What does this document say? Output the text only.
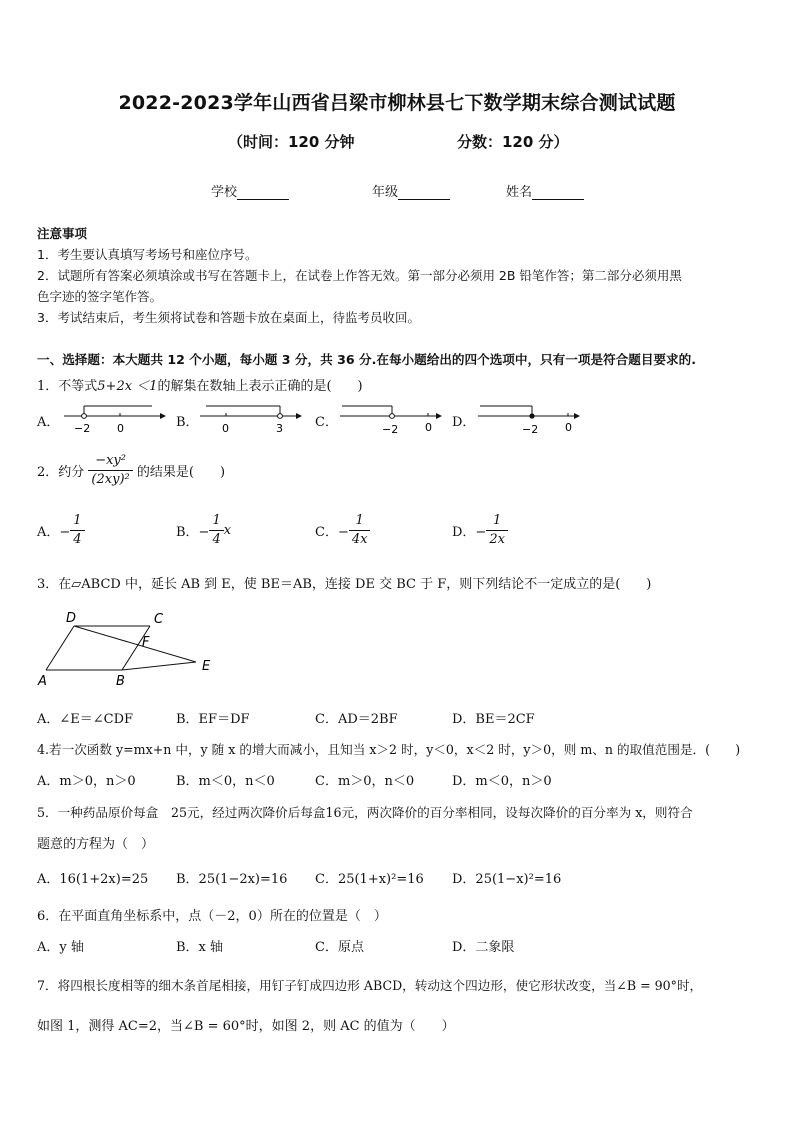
2022-2023学年山西省吕梁市柳林县七下数学期末综合测试试题
（时间：120 分钟	分数：120 分）
学校	年级	姓名
注意事项
1．考生要认真填写考场号和座位序号。
2．试题所有答案必须填涂或书写在答题卡上，在试卷上作答无效。第一部分必须用 2B 铅笔作答；第二部分必须用黑
色字迹的签字笔作答。
3．考试结束后，考生须将试卷和答题卡放在桌面上，待监考员收回。
一、选择题：本大题共 12 个小题，每小题 3 分，共 36 分.在每小题给出的四个选项中，只有一项是符合题目要求的.
1．不等式5+2x ＜1的解集在数轴上表示正确的是(　　)
A． −2 0	B． 0	3 C．	−2 0 D．	−2 0
2．约分 $\frac{\text{−xy²}}{\text{(2xy)²}}$ 的结果是(　　)
A．− $\frac{1}{4}$	B．− $\frac{1}{4}$ x	C．− $\frac{1}{4x}$	D．− $\frac{1}{2x}$
3．在▱ABCD 中，延长 AB 到 E，使 BE＝AB，连接 DE 交 BC 于 F，则下列结论不一定成立的是(　　)
D	C
F
E
A	B
A．∠E＝∠CDF	B．EF＝DF	C．AD＝2BF	D．BE＝2CF
4.若一次函数 y=mx+n 中，y 随 x 的增大而减小，且知当 x＞2 时，y＜0，x＜2 时，y＞0，则 m、n 的取值范围是．(　　)
A．m＞0，n＞0	B．m＜0，n＜0	C．m＞0，n＜0	D．m＜0，n＞0
5．一种药品原价每盒　25元，经过两次降价后每盒16元，两次降价的百分率相同，设每次降价的百分率为 x，则符合
题意的方程为（　）
A．16(1+2x)=25 B．25(1−2x)=16 C．25(1+x)²=16 D．25(1−x)²=16
6．在平面直角坐标系中，点（－2，0）所在的位置是（　）
A．y 轴	B．x 轴	C．原点	D．二象限
7．将四根长度相等的细木条首尾相接，用钉子钉成四边形 ABCD，转动这个四边形，使它形状改变，当∠B = 90°时，
如图 1，测得 AC=2，当∠B = 60°时，如图 2，则 AC 的值为（　　）
